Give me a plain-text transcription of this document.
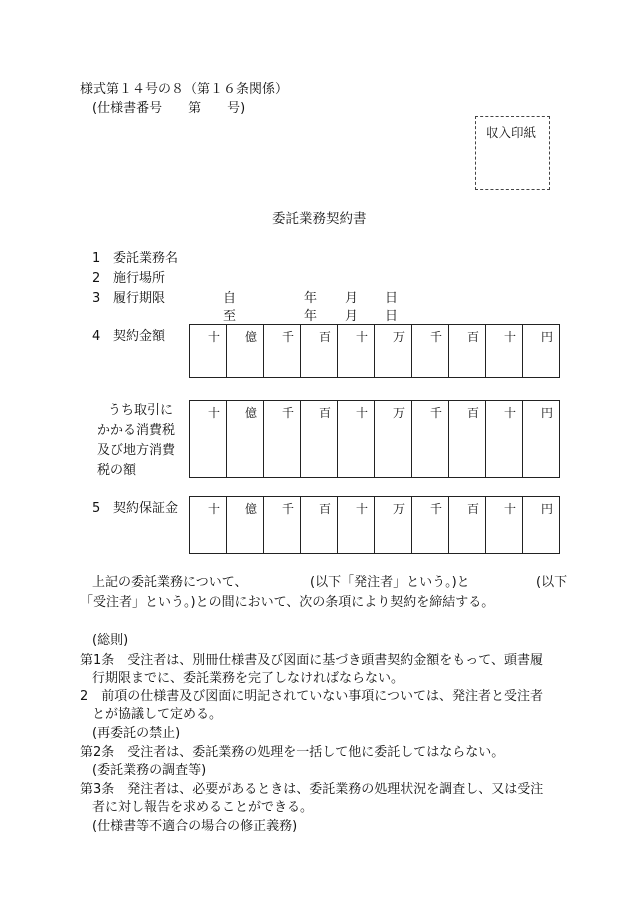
様式第１４号の８（第１６条関係）
(仕様書番号　　第　　号)
収入印紙
委託業務契約書
1 委託業務名
2 施行場所
3 履行期限	自	年 月 日
至	年 月 日
4 契約金額	十	億	千	百	十	万	千	百	十	円
うち取引に
かかる消費税
及び地方消費
税の額
十	億	千	百	十	万	千	百	十	円
5 契約保証金	十	億	千	百	十	万	千	百	十	円
上記の委託業務について、	(以下「発注者」という。)と	(以下
「受注者」という。)との間において、次の条項により契約を締結する。
(総則)
第1条　受注者は、別冊仕様書及び図面に基づき頭書契約金額をもって、頭書履
行期限までに、委託業務を完了しなければならない。
2　前項の仕様書及び図面に明記されていない事項については、発注者と受注者
とが協議して定める。
(再委託の禁止)
第2条　受注者は、委託業務の処理を一括して他に委託してはならない。
(委託業務の調査等)
第3条　発注者は、必要があるときは、委託業務の処理状況を調査し、又は受注
者に対し報告を求めることができる。
(仕様書等不適合の場合の修正義務)
